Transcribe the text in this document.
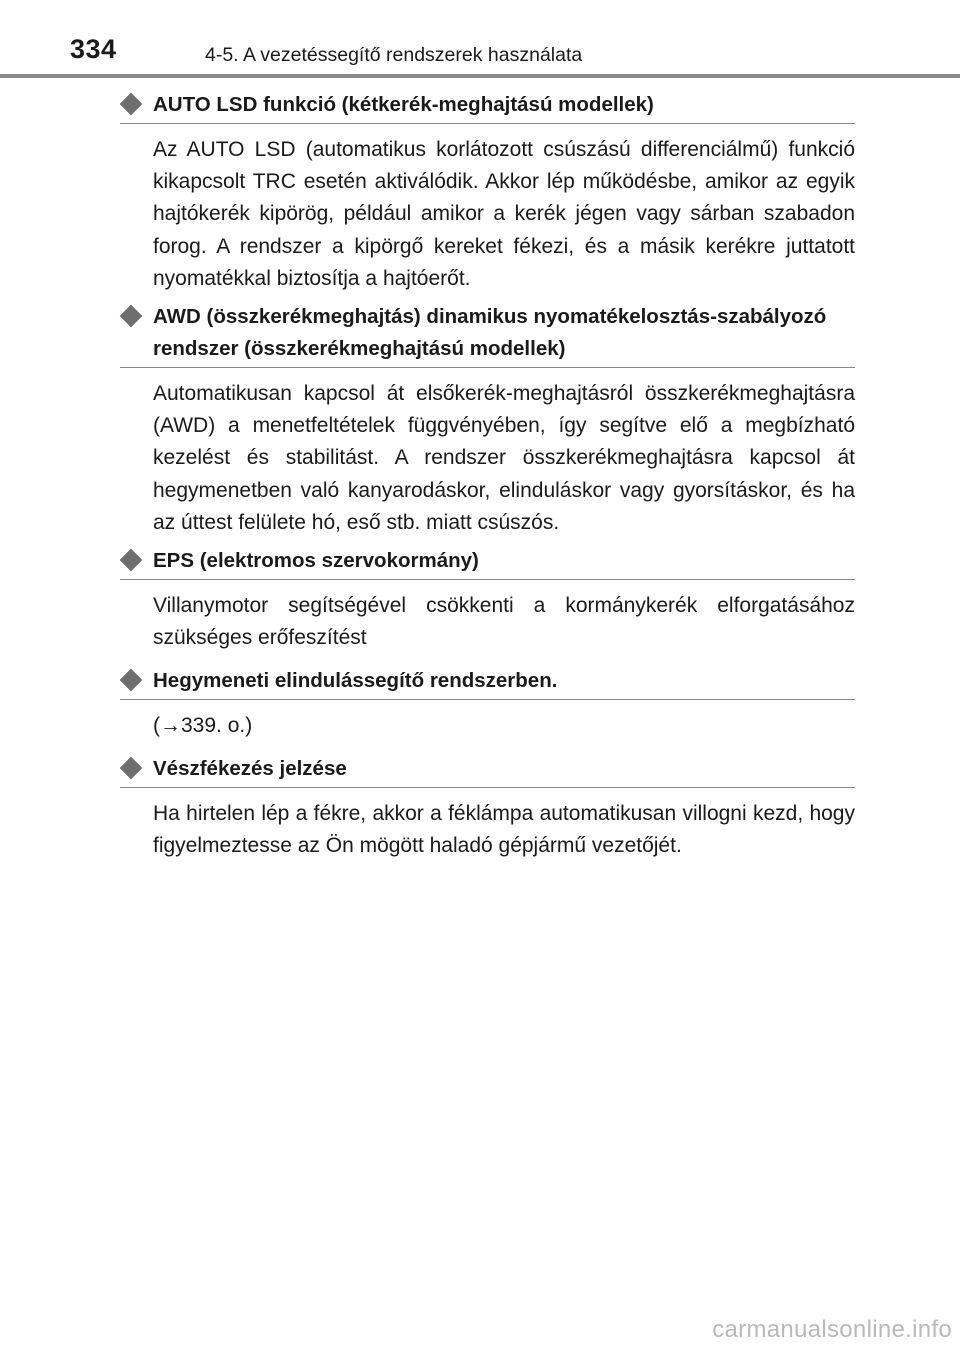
334	4-5. A vezetéssegítő rendszerek használata
AUTO LSD funkció (kétkerék-meghajtású modellek)
Az AUTO LSD (automatikus korlátozott csúszású differenciálmű) funkció kikapcsolt TRC esetén aktiválódik. Akkor lép működésbe, amikor az egyik hajtókerék kipörög, például amikor a kerék jégen vagy sárban szabadon forog. A rendszer a kipörgő kereket fékezi, és a másik kerékre juttatott nyomatékkal biztosítja a hajtóerőt.
AWD (összkerékmeghajtás) dinamikus nyomatékelosztás-szabályozó rendszer (összkerékmeghajtású modellek)
Automatikusan kapcsol át elsőkerék-meghajtásról összkerékmeghajtásra (AWD) a menetfeltételek függvényében, így segítve elő a megbízható kezelést és stabilitást. A rendszer összkerékmeghajtásra kapcsol át hegymenetben való kanyarodáskor, elinduláskor vagy gyorsításkor, és ha az úttest felülete hó, eső stb. miatt csúszós.
EPS (elektromos szervokormány)
Villanymotor segítségével csökkenti a kormánykerék elforgatásához szükséges erőfeszítést
Hegymeneti elindulássegítő rendszerben.
(→339. o.)
Vészfékezés jelzése
Ha hirtelen lép a fékre, akkor a féklámpa automatikusan villogni kezd, hogy figyelmeztesse az Ön mögött haladó gépjármű vezetőjét.
carmanualsonline.info
